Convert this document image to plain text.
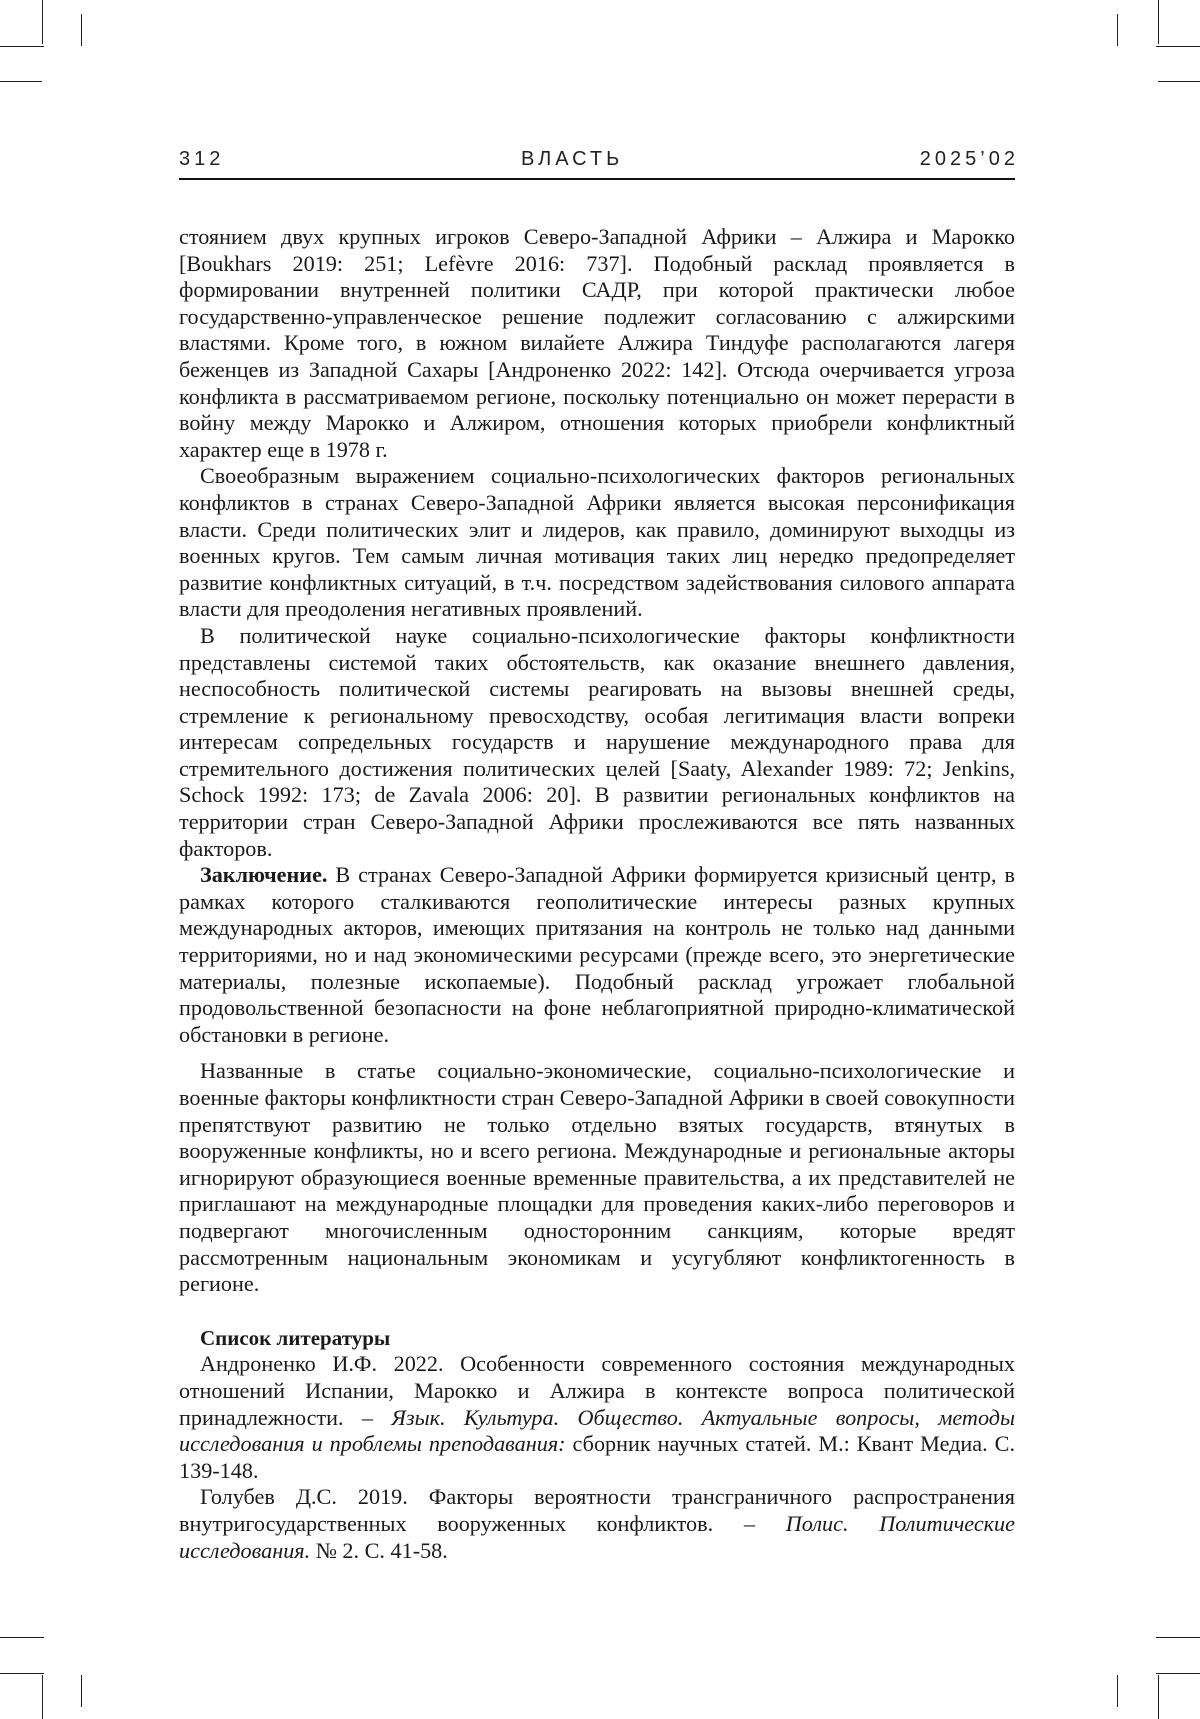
312	ВЛАСТЬ	2025’02

стоянием двух крупных игроков Северо-Западной Африки – Алжира и Марокко [Boukhars 2019: 251; Lefèvre 2016: 737]. Подобный расклад проявляется в формировании внутренней политики САДР, при которой практически любое государственно-управленческое решение подлежит согласованию с алжирскими властями. Кроме того, в южном вилайете Алжира Тиндуфе располагаются лагеря беженцев из Западной Сахары [Андроненко 2022: 142]. Отсюда очерчивается угроза конфликта в рассматриваемом регионе, поскольку потенциально он может перерасти в войну между Марокко и Алжиром, отношения которых приобрели конфликтный характер еще в 1978 г.

Своеобразным выражением социально-психологических факторов региональных конфликтов в странах Северо-Западной Африки является высокая персонификация власти. Среди политических элит и лидеров, как правило, доминируют выходцы из военных кругов. Тем самым личная мотивация таких лиц нередко предопределяет развитие конфликтных ситуаций, в т.ч. посредством задействования силового аппарата власти для преодоления негативных проявлений.

В политической науке социально-психологические факторы конфликтности представлены системой таких обстоятельств, как оказание внешнего давления, неспособность политической системы реагировать на вызовы внешней среды, стремление к региональному превосходству, особая легитимация власти вопреки интересам сопредельных государств и нарушение международного права для стремительного достижения политических целей [Saaty, Alexander 1989: 72; Jenkins, Schock 1992: 173; de Zavala 2006: 20]. В развитии региональных конфликтов на территории стран Северо-Западной Африки прослеживаются все пять названных факторов.

Заключение. В странах Северо-Западной Африки формируется кризисный центр, в рамках которого сталкиваются геополитические интересы разных крупных международных акторов, имеющих притязания на контроль не только над данными территориями, но и над экономическими ресурсами (прежде всего, это энергетические материалы, полезные ископаемые). Подобный расклад угрожает глобальной продовольственной безопасности на фоне неблагоприятной природно-климатической обстановки в регионе.

Названные в статье социально-экономические, социально-психологические и военные факторы конфликтности стран Северо-Западной Африки в своей совокупности препятствуют развитию не только отдельно взятых государств, втянутых в вооруженные конфликты, но и всего региона. Международные и региональные акторы игнорируют образующиеся военные временные правительства, а их представителей не приглашают на международные площадки для проведения каких-либо переговоров и подвергают многочисленным односторонним санкциям, которые вредят рассмотренным национальным экономикам и усугубляют конфликтогенность в регионе.

Список литературы

Андроненко И.Ф. 2022. Особенности современного состояния международных отношений Испании, Марокко и Алжира в контексте вопроса политической принадлежности. – Язык. Культура. Общество. Актуальные вопросы, методы исследования и проблемы преподавания: сборник научных статей. М.: Квант Медиа. С. 139-148.

Голубев Д.С. 2019. Факторы вероятности трансграничного распространения внутригосударственных вооруженных конфликтов. – Полис. Политические исследования. № 2. С. 41-58.
